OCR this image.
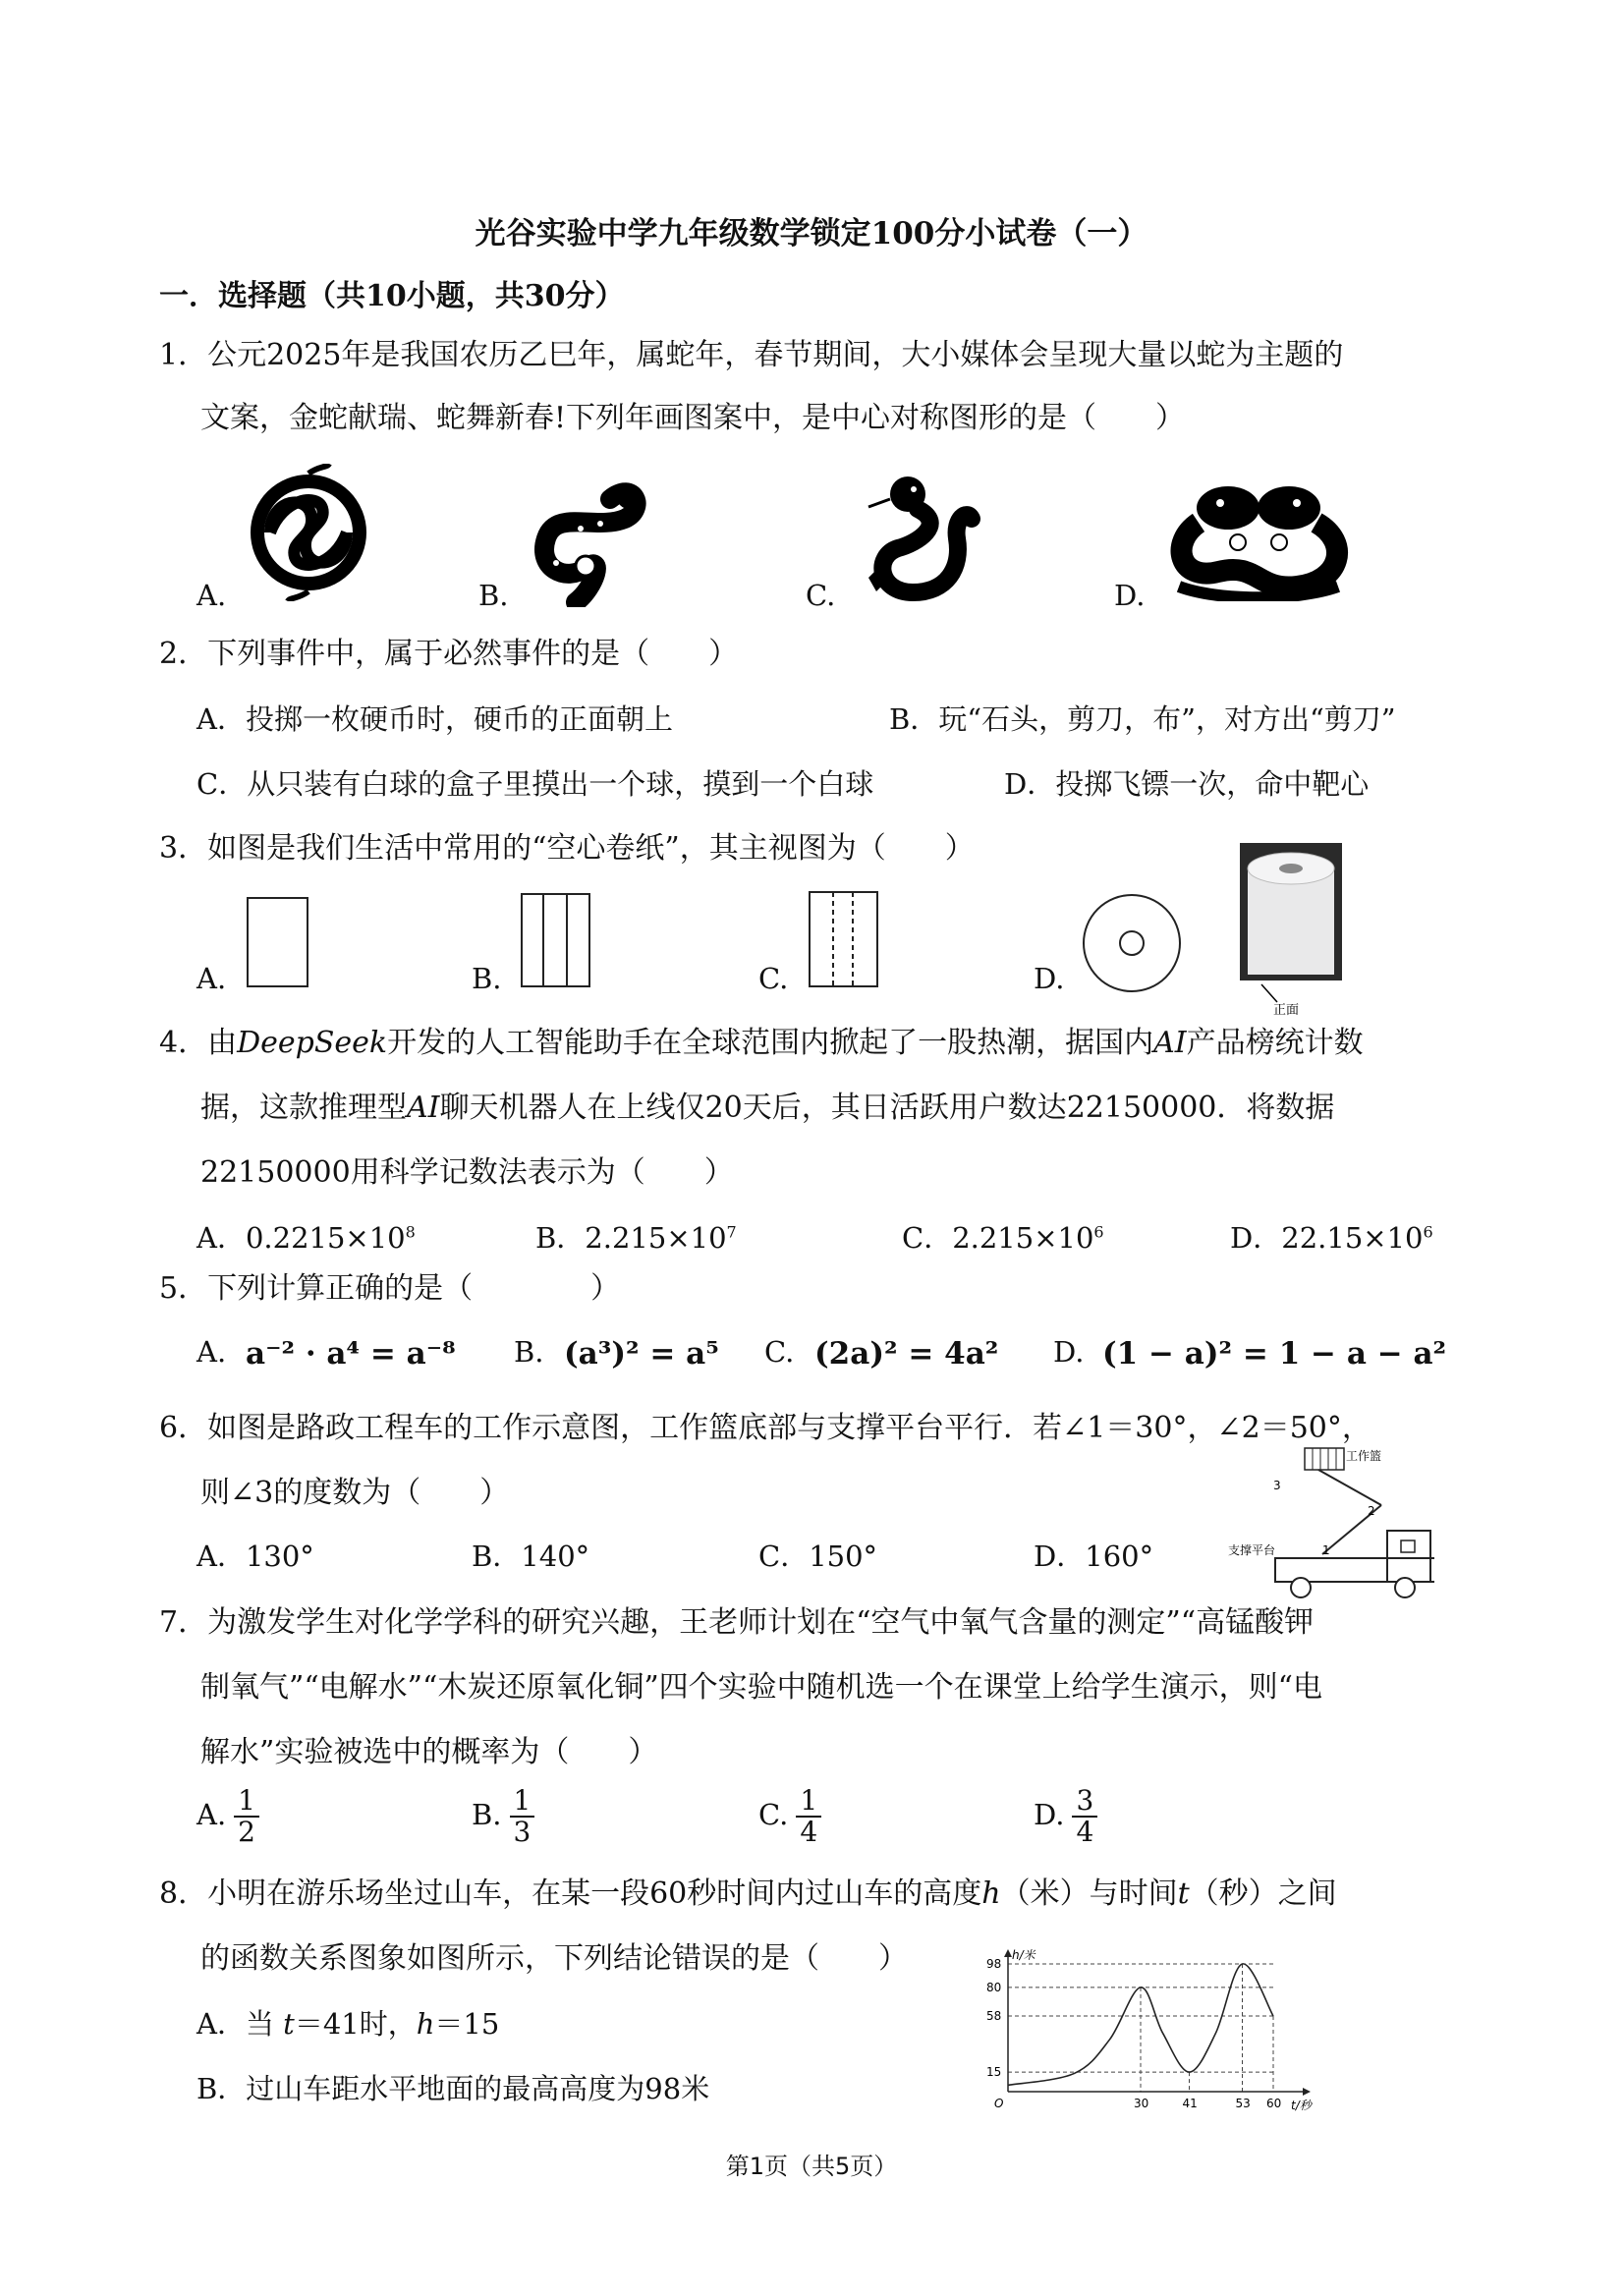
光谷实验中学九年级数学锁定100分小试卷（一）
一．选择题（共10小题，共30分）
1．公元2025年是我国农历乙巳年，属蛇年，春节期间，大小媒体会呈现大量以蛇为主题的
文案，金蛇献瑞、蛇舞新春!下列年画图案中，是中心对称图形的是（　　）
A.	B.	C.	D.
2．下列事件中，属于必然事件的是（　　）
A．投掷一枚硬币时，硬币的正面朝上	B．玩“石头，剪刀，布”，对方出“剪刀”
C．从只装有白球的盒子里摸出一个球，摸到一个白球	D．投掷飞镖一次，命中靶心
3．如图是我们生活中常用的“空心卷纸”，其主视图为（　　）
A.	B.	C.	D.
正面
4．由DeepSeek开发的人工智能助手在全球范围内掀起了一股热潮，据国内AI产品榜统计数
据，这款推理型AI聊天机器人在上线仅20天后，其日活跃用户数达22150000．将数据
22150000用科学记数法表示为（　　）
A．$0.2215\times 10^8$	B．$2.215\times 10^7$	C．$2.215\times 10^6$	D．$22.15\times 10^6$
5．下列计算正确的是（　　　　）
A. a⁻² · a⁴ = a⁻⁸ B. (a³)² = a⁵ C. (2a)² = 4a² D. (1 − a)² = 1 − a − a²
6．如图是路政工程车的工作示意图，工作篮底部与支撑平台平行．若∠1＝30°，∠2＝50°，
则∠3的度数为（　　）
A．130°	B．140°	C．150°	D．160°
工作篮
3
2
1
支撑平台
7．为激发学生对化学学科的研究兴趣，王老师计划在“空气中氧气含量的测定”“高锰酸钾
制氧气”“电解水”“木炭还原氧化铜”四个实验中随机选一个在课堂上给学生演示，则“电
解水”实验被选中的概率为（　　）
A. $\frac{1}{2}$	B. $\frac{1}{3}$	C. $\frac{1}{4}$	D. $\frac{3}{4}$
8．小明在游乐场坐过山车，在某一段60秒时间内过山车的高度h（米）与时间t（秒）之间
的函数关系图象如图所示，下列结论错误的是（　　）
A．当 t＝41时，h＝15
B．过山车距水平地面的最高高度为98米	30	41	53 60
98
80
58
15
h/米
t/秒
O
第1页（共5页）
